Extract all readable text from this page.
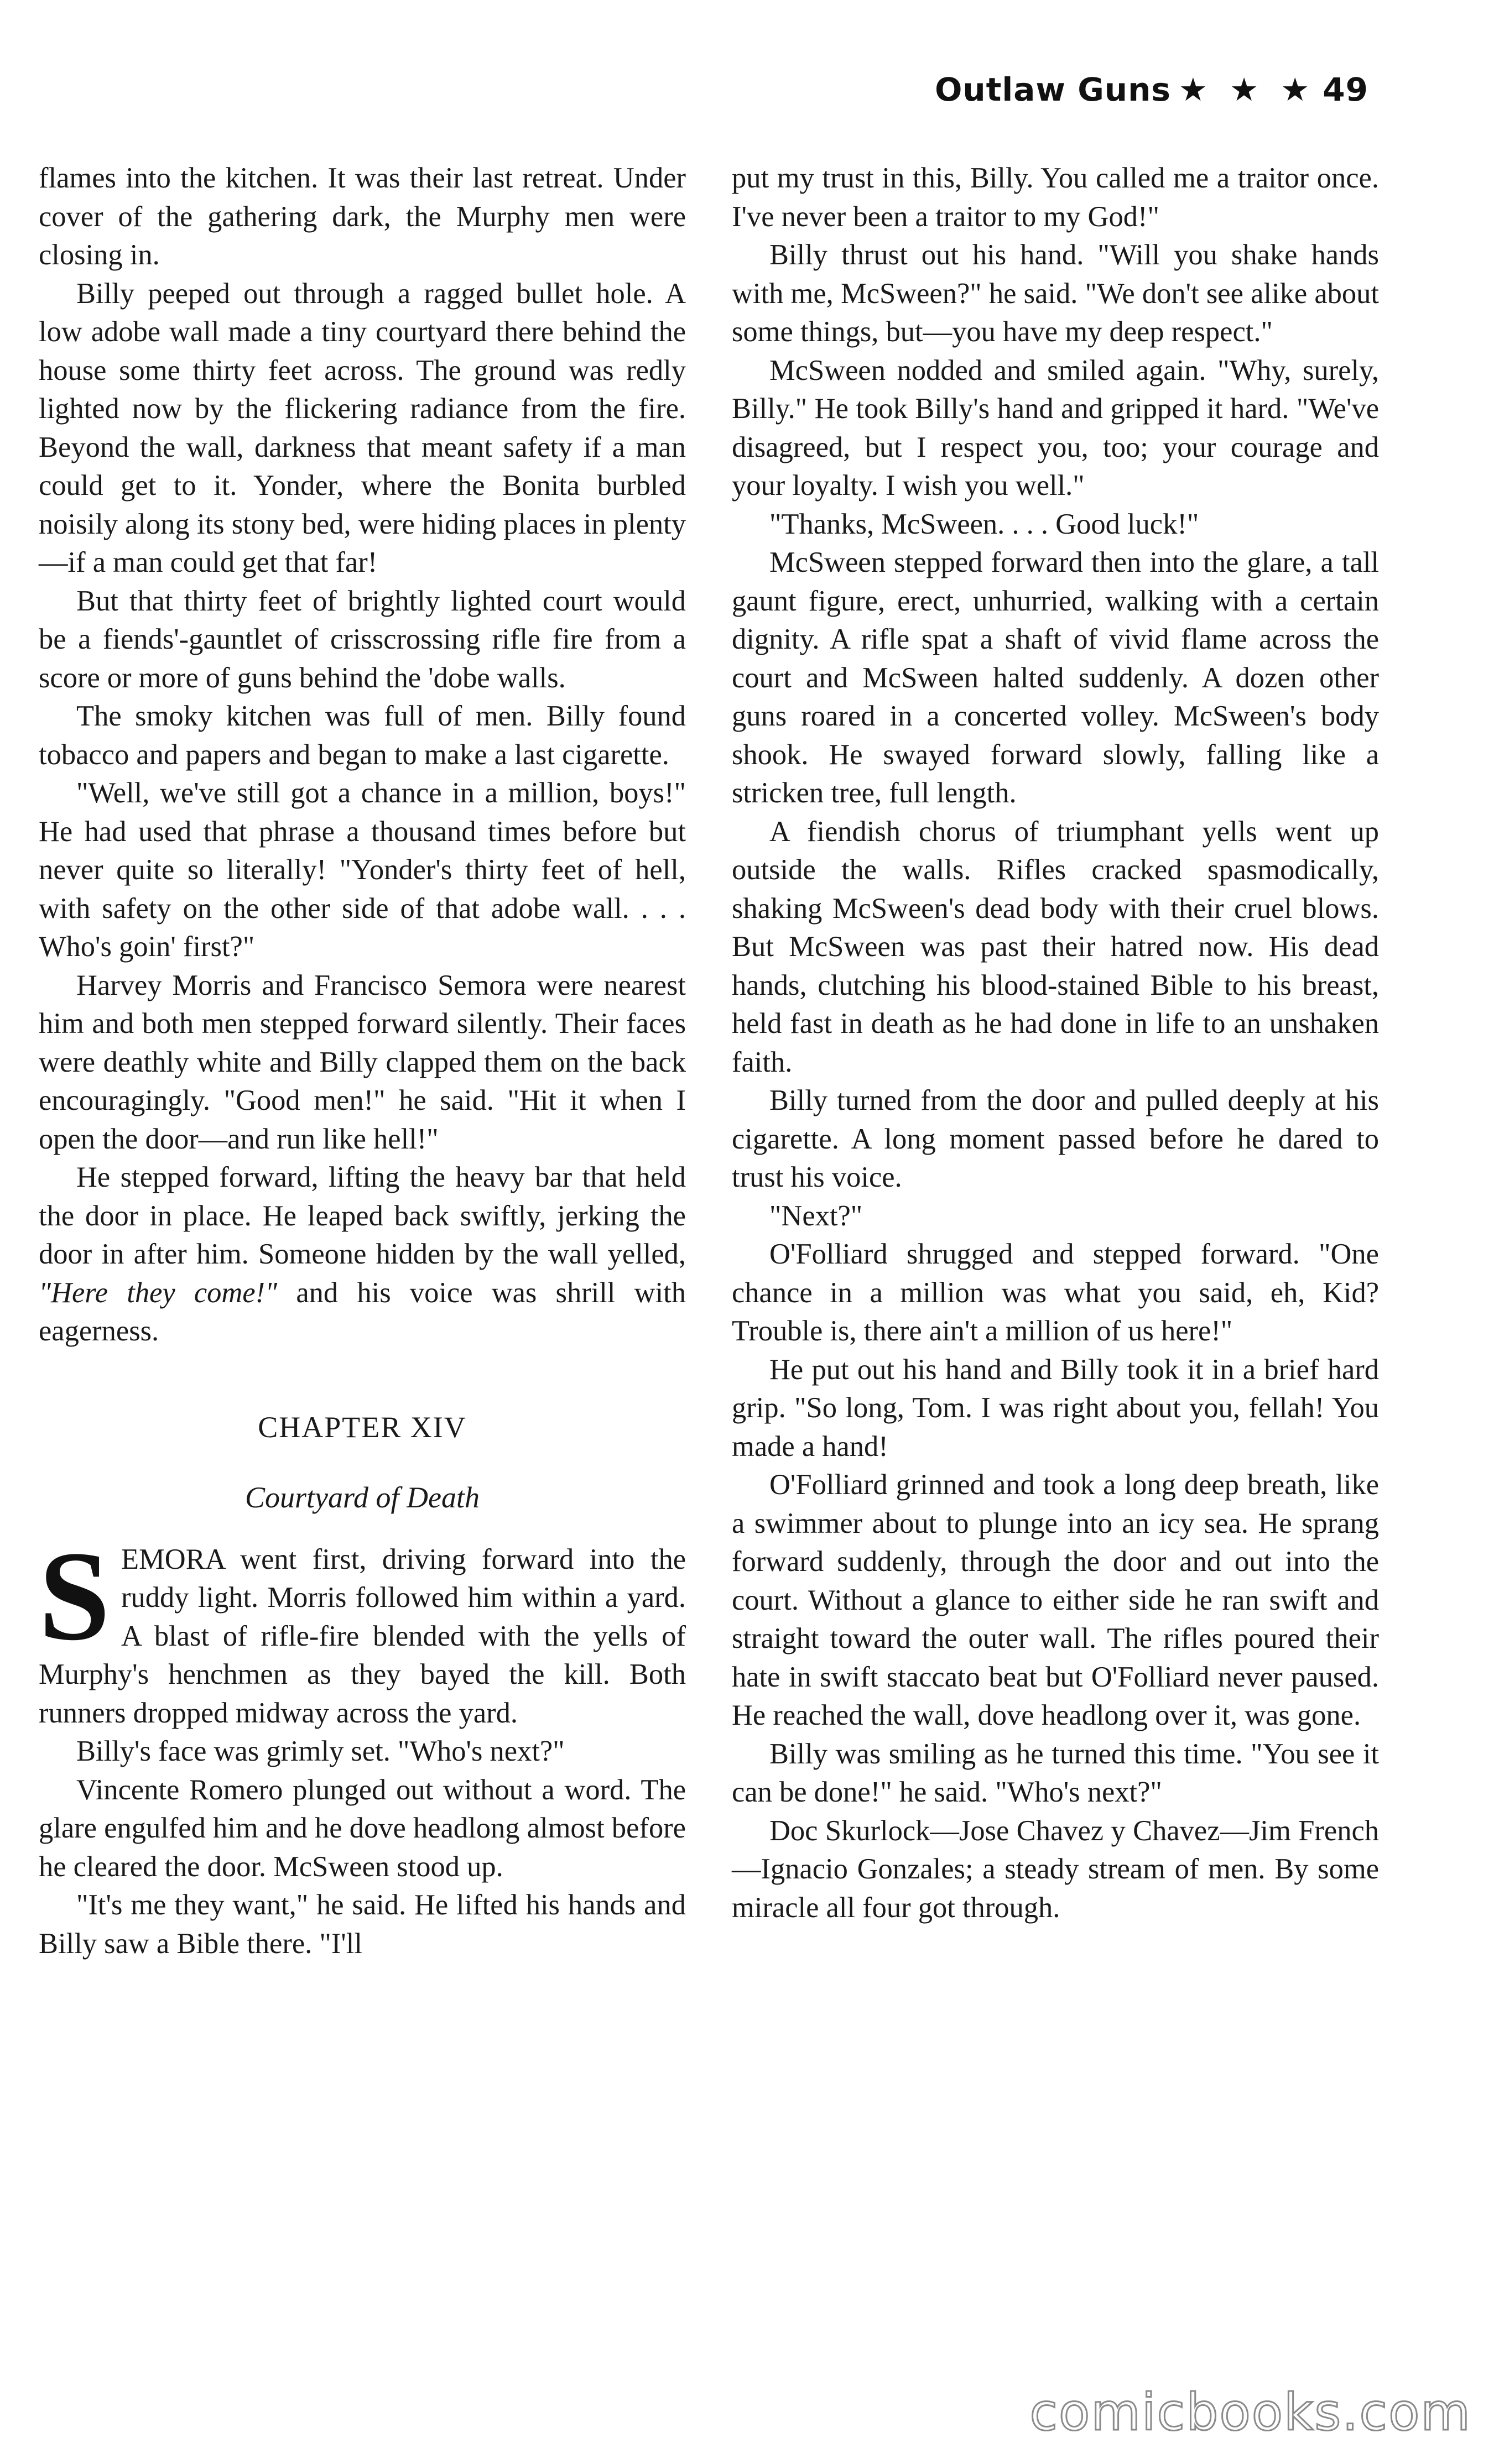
Outlaw Guns ★ ★ ★ 49

flames into the kitchen. It was their last retreat. Under cover of the gathering dark, the Murphy men were closing in.

Billy peeped out through a ragged bullet hole. A low adobe wall made a tiny courtyard there behind the house some thirty feet across. The ground was redly lighted now by the flickering radiance from the fire. Beyond the wall, darkness that meant safety if a man could get to it. Yonder, where the Bonita burbled noisily along its stony bed, were hiding places in plenty—if a man could get that far!

But that thirty feet of brightly lighted court would be a fiends'-gauntlet of crisscrossing rifle fire from a score or more of guns behind the 'dobe walls.

The smoky kitchen was full of men. Billy found tobacco and papers and began to make a last cigarette.

"Well, we've still got a chance in a million, boys!" He had used that phrase a thousand times before but never quite so literally! "Yonder's thirty feet of hell, with safety on the other side of that adobe wall. . . . Who's goin' first?"

Harvey Morris and Francisco Semora were nearest him and both men stepped forward silently. Their faces were deathly white and Billy clapped them on the back encouragingly. "Good men!" he said. "Hit it when I open the door—and run like hell!"

He stepped forward, lifting the heavy bar that held the door in place. He leaped back swiftly, jerking the door in after him. Someone hidden by the wall yelled, "Here they come!" and his voice was shrill with eagerness.

CHAPTER XIV
Courtyard of Death

SEMORA went first, driving forward into the ruddy light. Morris followed him within a yard. A blast of rifle-fire blended with the yells of Murphy's henchmen as they bayed the kill. Both runners dropped midway across the yard.

Billy's face was grimly set. "Who's next?"

Vincente Romero plunged out without a word. The glare engulfed him and he dove headlong almost before he cleared the door. McSween stood up.

"It's me they want," he said. He lifted his hands and Billy saw a Bible there. "I'll

put my trust in this, Billy. You called me a traitor once. I've never been a traitor to my God!"

Billy thrust out his hand. "Will you shake hands with me, McSween?" he said. "We don't see alike about some things, but—you have my deep respect."

McSween nodded and smiled again. "Why, surely, Billy." He took Billy's hand and gripped it hard. "We've disagreed, but I respect you, too; your courage and your loyalty. I wish you well."

"Thanks, McSween. . . . Good luck!"

McSween stepped forward then into the glare, a tall gaunt figure, erect, unhurried, walking with a certain dignity. A rifle spat a shaft of vivid flame across the court and McSween halted suddenly. A dozen other guns roared in a concerted volley. McSween's body shook. He swayed forward slowly, falling like a stricken tree, full length.

A fiendish chorus of triumphant yells went up outside the walls. Rifles cracked spasmodically, shaking McSween's dead body with their cruel blows. But McSween was past their hatred now. His dead hands, clutching his blood-stained Bible to his breast, held fast in death as he had done in life to an unshaken faith.

Billy turned from the door and pulled deeply at his cigarette. A long moment passed before he dared to trust his voice.

"Next?"

O'Folliard shrugged and stepped forward. "One chance in a million was what you said, eh, Kid? Trouble is, there ain't a million of us here!"

He put out his hand and Billy took it in a brief hard grip. "So long, Tom. I was right about you, fellah! You made a hand!

O'Folliard grinned and took a long deep breath, like a swimmer about to plunge into an icy sea. He sprang forward suddenly, through the door and out into the court. Without a glance to either side he ran swift and straight toward the outer wall. The rifles poured their hate in swift staccato beat but O'Folliard never paused. He reached the wall, dove headlong over it, was gone.

Billy was smiling as he turned this time. "You see it can be done!" he said. "Who's next?"

Doc Skurlock—Jose Chavez y Chavez—Jim French—Ignacio Gonzales; a steady stream of men. By some miracle all four got through.

comicbooks.com
